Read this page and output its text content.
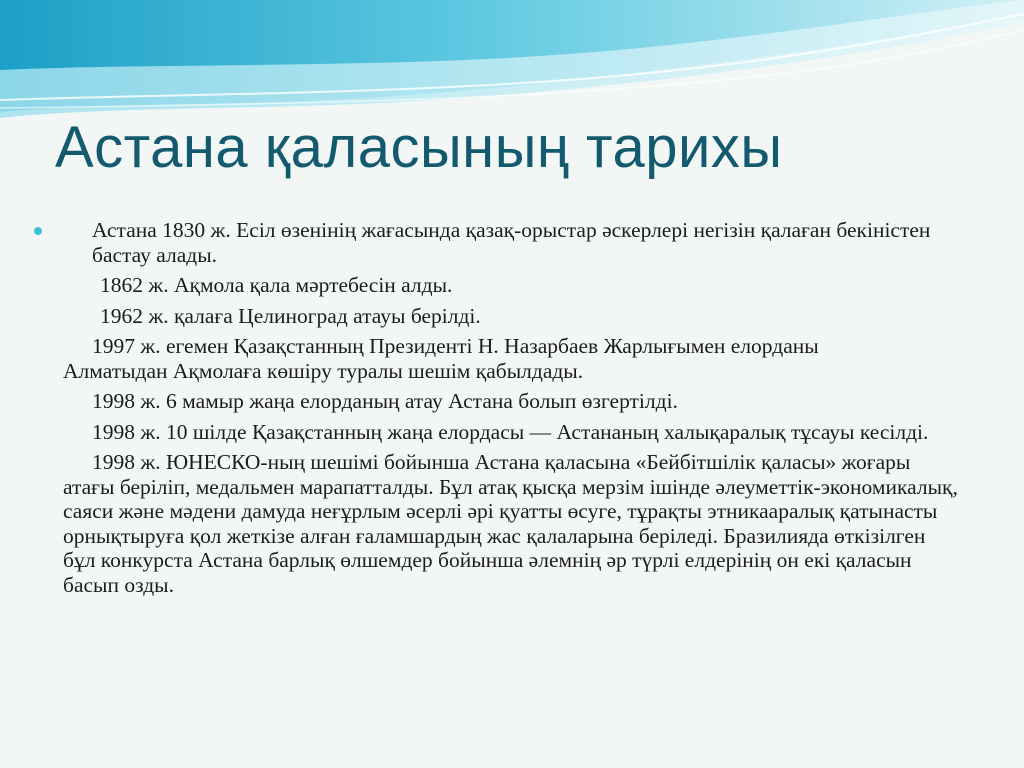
Астана қаласының тарихы
Астана 1830 ж. Есіл өзенінің жағасында қазақ-орыстар әскерлері негізін қалаған бекіністен бастау алады.
1862 ж. Ақмола қала мәртебесін алды.
1962 ж. қалаға Целиноград атауы берілді.
1997 ж. егемен Қазақстанның Президенті Н. Назарбаев Жарлығымен елорданыАлматыдан Ақмолаға көшіру туралы шешім қабылдады.
1998 ж. 6 мамыр жаңа елорданың атау Астана болып өзгертілді.
1998 ж. 10 шілде Қазақстанның жаңа елордасы — Астананың халықаралық тұсауы кесілді.
1998 ж. ЮНЕСКО-ның шешімі бойынша Астана қаласына «Бейбітшілік қаласы» жоғары атағы беріліп, медальмен марапатталды. Бұл атақ қысқа мерзім ішінде әлеуметтік-экономикалық, саяси және мәдени дамуда неғұрлым әсерлі әрі қуатты өсуге, тұрақты этникааралық қатынасты орнықтыруға қол жеткізе алған ғаламшардың жас қалаларына беріледі. Бразилияда өткізілген бұл конкурста Астана барлық өлшемдер бойынша әлемнің әр түрлі елдерінің он екі қаласын басып озды.
